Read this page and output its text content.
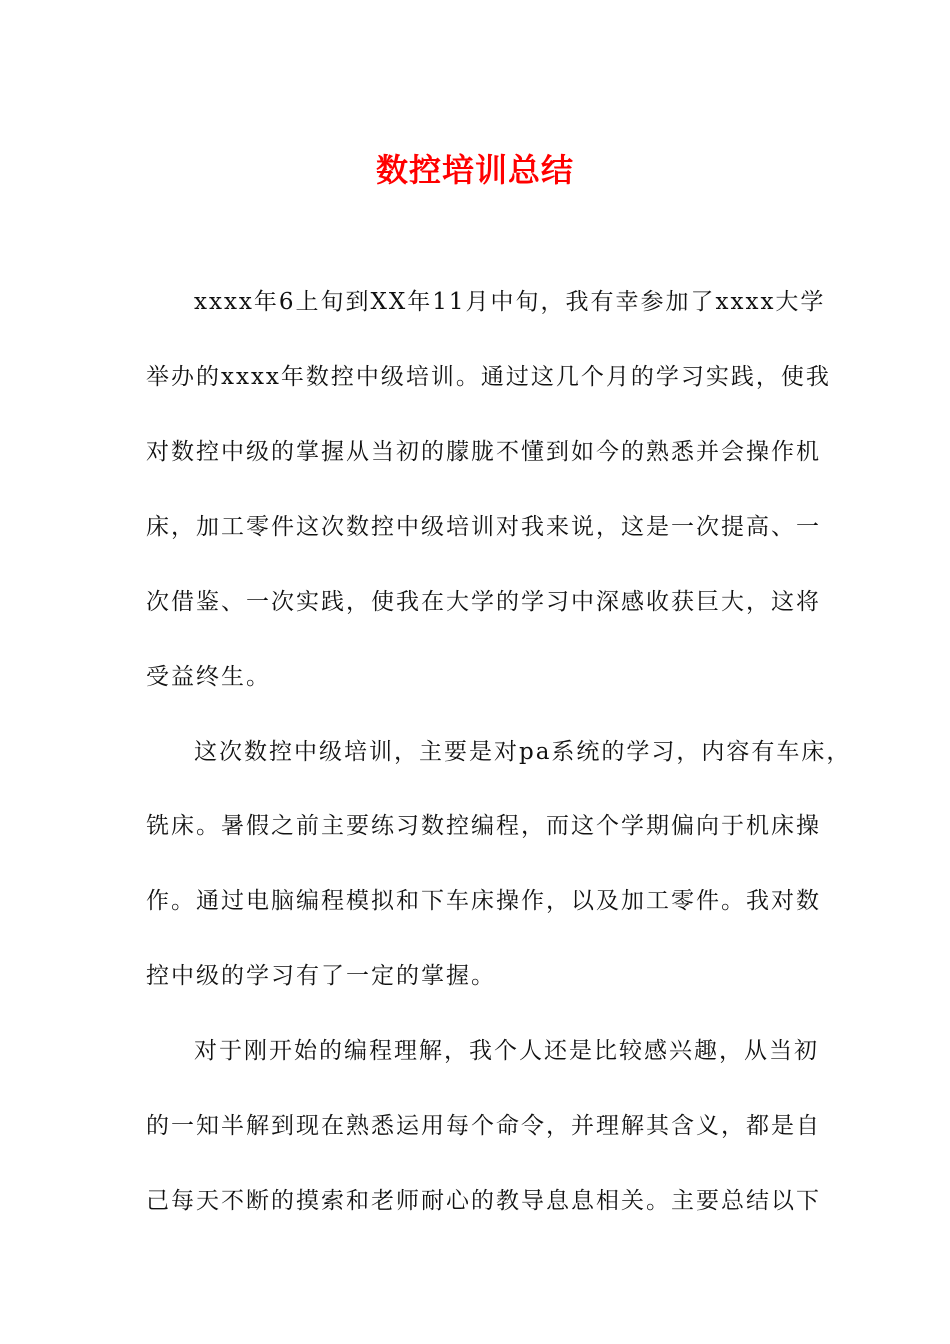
数控培训总结
xxxx年6上旬到XX年11月中旬，我有幸参加了xxxx大学
举办的xxxx年数控中级培训。通过这几个月的学习实践，使我
对数控中级的掌握从当初的朦胧不懂到如今的熟悉并会操作机
床，加工零件这次数控中级培训对我来说，这是一次提高、一
次借鉴、一次实践，使我在大学的学习中深感收获巨大，这将
受益终生。
这次数控中级培训，主要是对pa系统的学习，内容有车床，
铣床。暑假之前主要练习数控编程，而这个学期偏向于机床操
作。通过电脑编程模拟和下车床操作，以及加工零件。我对数
控中级的学习有了一定的掌握。
对于刚开始的编程理解，我个人还是比较感兴趣，从当初
的一知半解到现在熟悉运用每个命令，并理解其含义，都是自
己每天不断的摸索和老师耐心的教导息息相关。主要总结以下
